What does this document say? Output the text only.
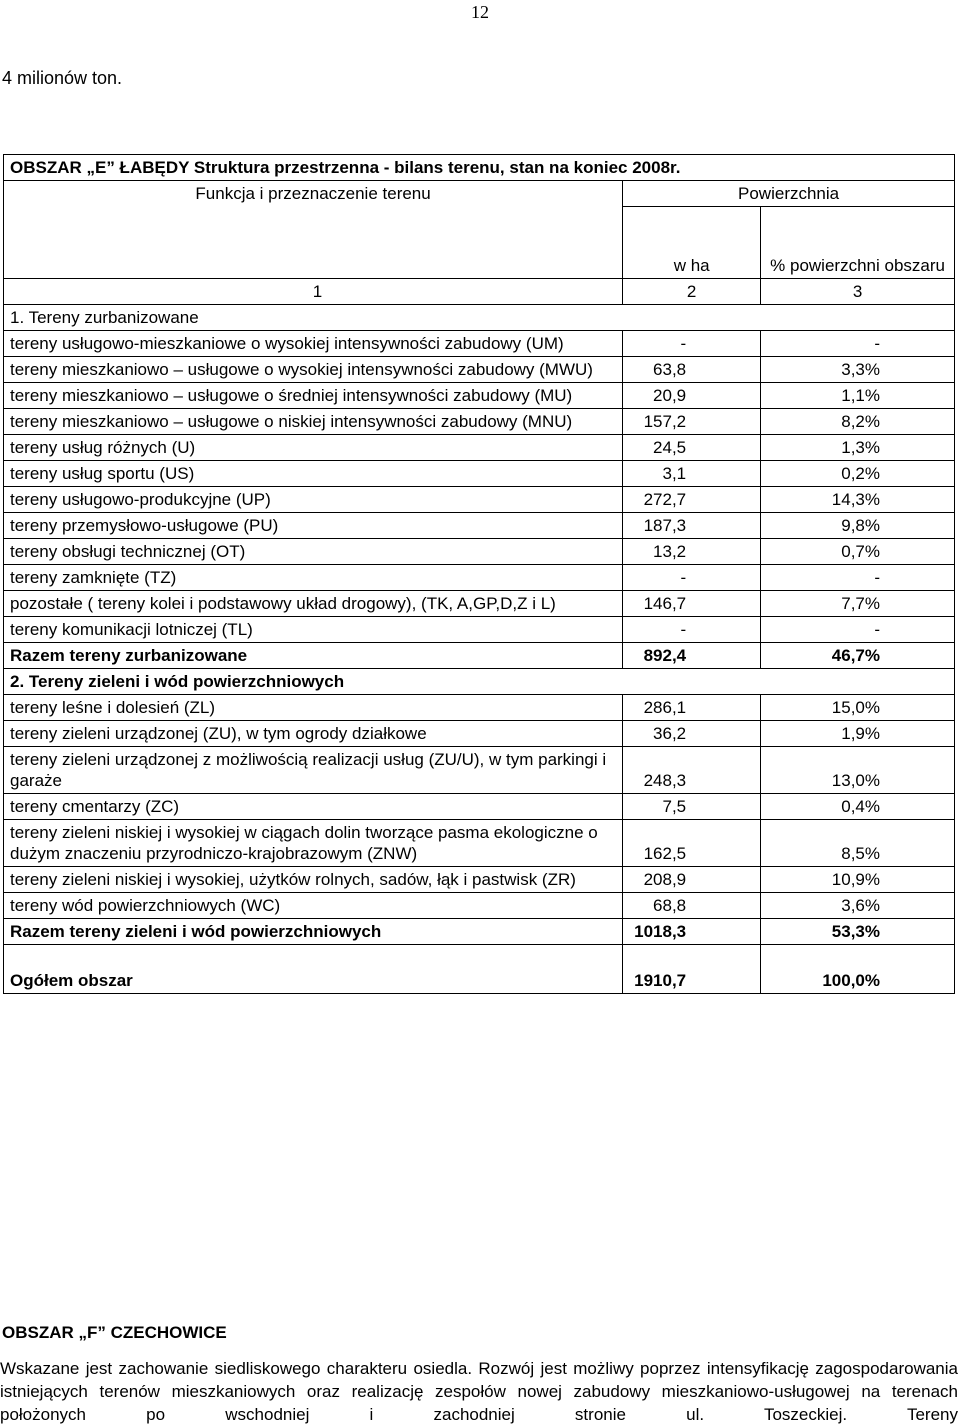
12
4 milionów ton.
OBSZAR „E” ŁABĘDY Struktura przestrzenna - bilans terenu, stan na koniec 2008r.		
Funkcja i przeznaczenie terenu	Powierzchnia	
	w ha	% powierzchni obszaru
1	2	3
1. Tereny zurbanizowane		
tereny usługowo-mieszkaniowe o wysokiej intensywności zabudowy (UM)	-	-
tereny mieszkaniowo – usługowe o wysokiej intensywności zabudowy (MWU)	63,8	3,3%
tereny mieszkaniowo – usługowe o średniej intensywności zabudowy (MU)	20,9	1,1%
tereny mieszkaniowo – usługowe o niskiej intensywności zabudowy (MNU)	157,2	8,2%
tereny usług różnych (U)	24,5	1,3%
tereny usług sportu (US)	3,1	0,2%
tereny usługowo-produkcyjne (UP)	272,7	14,3%
tereny przemysłowo-usługowe (PU)	187,3	9,8%
tereny obsługi technicznej (OT)	13,2	0,7%
tereny zamknięte (TZ)	-	-
pozostałe ( tereny kolei i podstawowy układ drogowy), (TK, A,GP,D,Z i L)	146,7	7,7%
tereny komunikacji lotniczej (TL)	-	-
Razem tereny zurbanizowane	892,4	46,7%
2. Tereny zieleni i wód powierzchniowych		
tereny leśne i dolesień (ZL)	286,1	15,0%
tereny zieleni urządzonej (ZU), w tym ogrody działkowe	36,2	1,9%
tereny zieleni urządzonej z możliwością realizacji usług (ZU/U), w tym parkingi i garaże	248,3	13,0%
tereny cmentarzy (ZC)	7,5	0,4%
tereny zieleni niskiej i wysokiej w ciągach dolin tworzące pasma ekologiczne o dużym znaczeniu przyrodniczo-krajobrazowym (ZNW)	162,5	8,5%
tereny zieleni niskiej i wysokiej, użytków rolnych, sadów, łąk i pastwisk (ZR)	208,9	10,9%
tereny wód powierzchniowych (WC)	68,8	3,6%
Razem tereny zieleni i wód powierzchniowych	1018,3	53,3%
Ogółem obszar	1910,7	100,0%
OBSZAR „F” CZECHOWICE
Wskazane jest zachowanie siedliskowego charakteru osiedla. Rozwój jest możliwy poprzez intensyfikację zagospodarowania istniejących terenów mieszkaniowych oraz realizację zespołów nowej zabudowy mieszkaniowo-usługowej na terenach położonych po wschodniej i zachodniej stronie ul. Toszeckiej. Tereny
